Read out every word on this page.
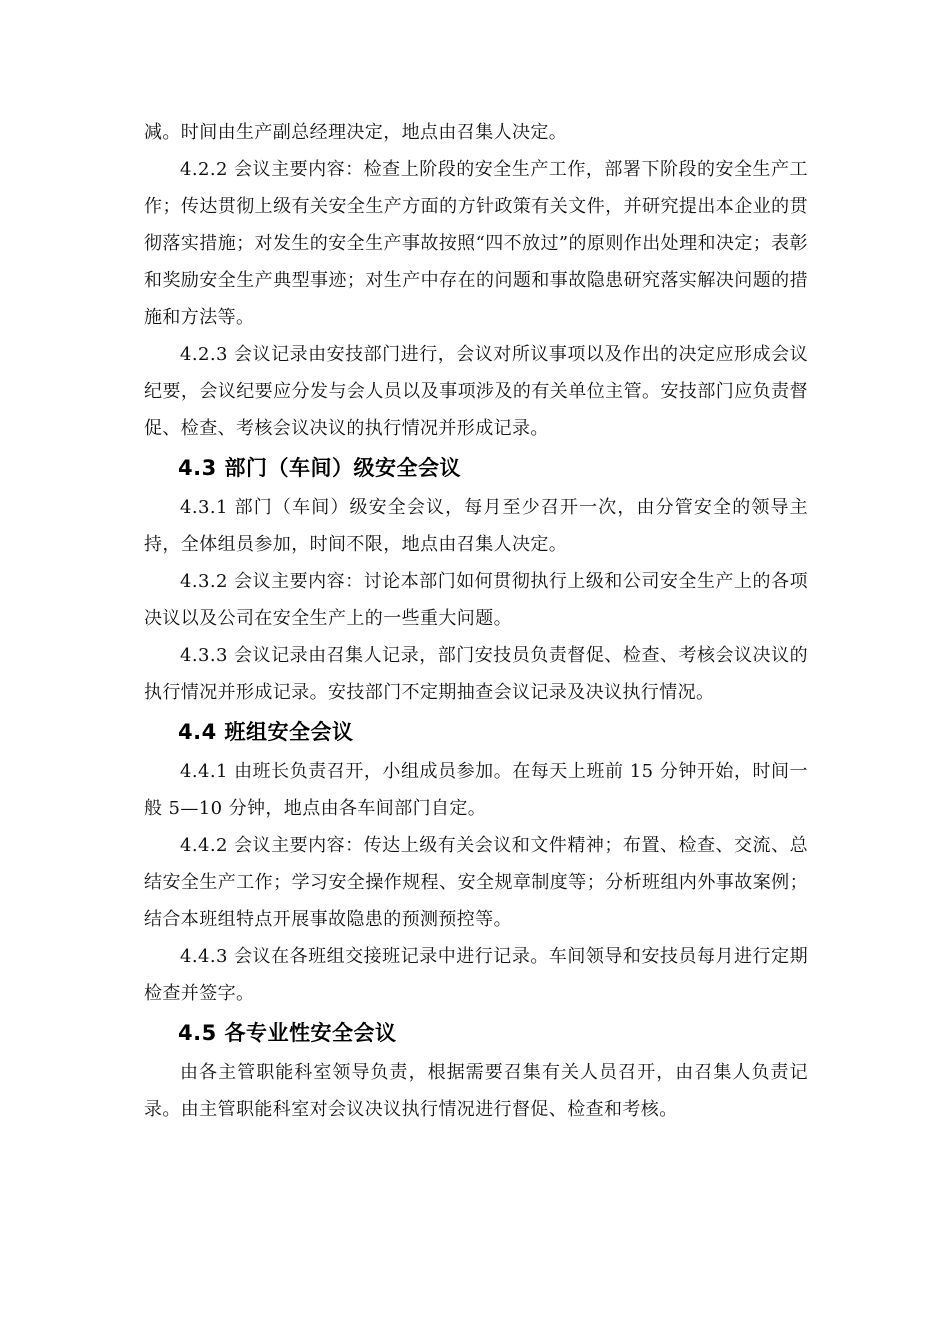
减。时间由生产副总经理决定，地点由召集人决定。

4.2.2 会议主要内容：检查上阶段的安全生产工作，部署下阶段的安全生产工作；传达贯彻上级有关安全生产方面的方针政策有关文件，并研究提出本企业的贯彻落实措施；对发生的安全生产事故按照“四不放过”的原则作出处理和决定；表彰和奖励安全生产典型事迹；对生产中存在的问题和事故隐患研究落实解决问题的措施和方法等。

4.2.3 会议记录由安技部门进行，会议对所议事项以及作出的决定应形成会议纪要，会议纪要应分发与会人员以及事项涉及的有关单位主管。安技部门应负责督促、检查、考核会议决议的执行情况并形成记录。

4.3 部门（车间）级安全会议

4.3.1 部门（车间）级安全会议，每月至少召开一次，由分管安全的领导主持，全体组员参加，时间不限，地点由召集人决定。

4.3.2 会议主要内容：讨论本部门如何贯彻执行上级和公司安全生产上的各项决议以及公司在安全生产上的一些重大问题。

4.3.3 会议记录由召集人记录，部门安技员负责督促、检查、考核会议决议的执行情况并形成记录。安技部门不定期抽查会议记录及决议执行情况。

4.4 班组安全会议

4.4.1 由班长负责召开，小组成员参加。在每天上班前 15 分钟开始，时间一般 5—10 分钟，地点由各车间部门自定。

4.4.2 会议主要内容：传达上级有关会议和文件精神；布置、检查、交流、总结安全生产工作；学习安全操作规程、安全规章制度等；分析班组内外事故案例；结合本班组特点开展事故隐患的预测预控等。

4.4.3 会议在各班组交接班记录中进行记录。车间领导和安技员每月进行定期检查并签字。

4.5 各专业性安全会议

由各主管职能科室领导负责，根据需要召集有关人员召开，由召集人负责记录。由主管职能科室对会议决议执行情况进行督促、检查和考核。
